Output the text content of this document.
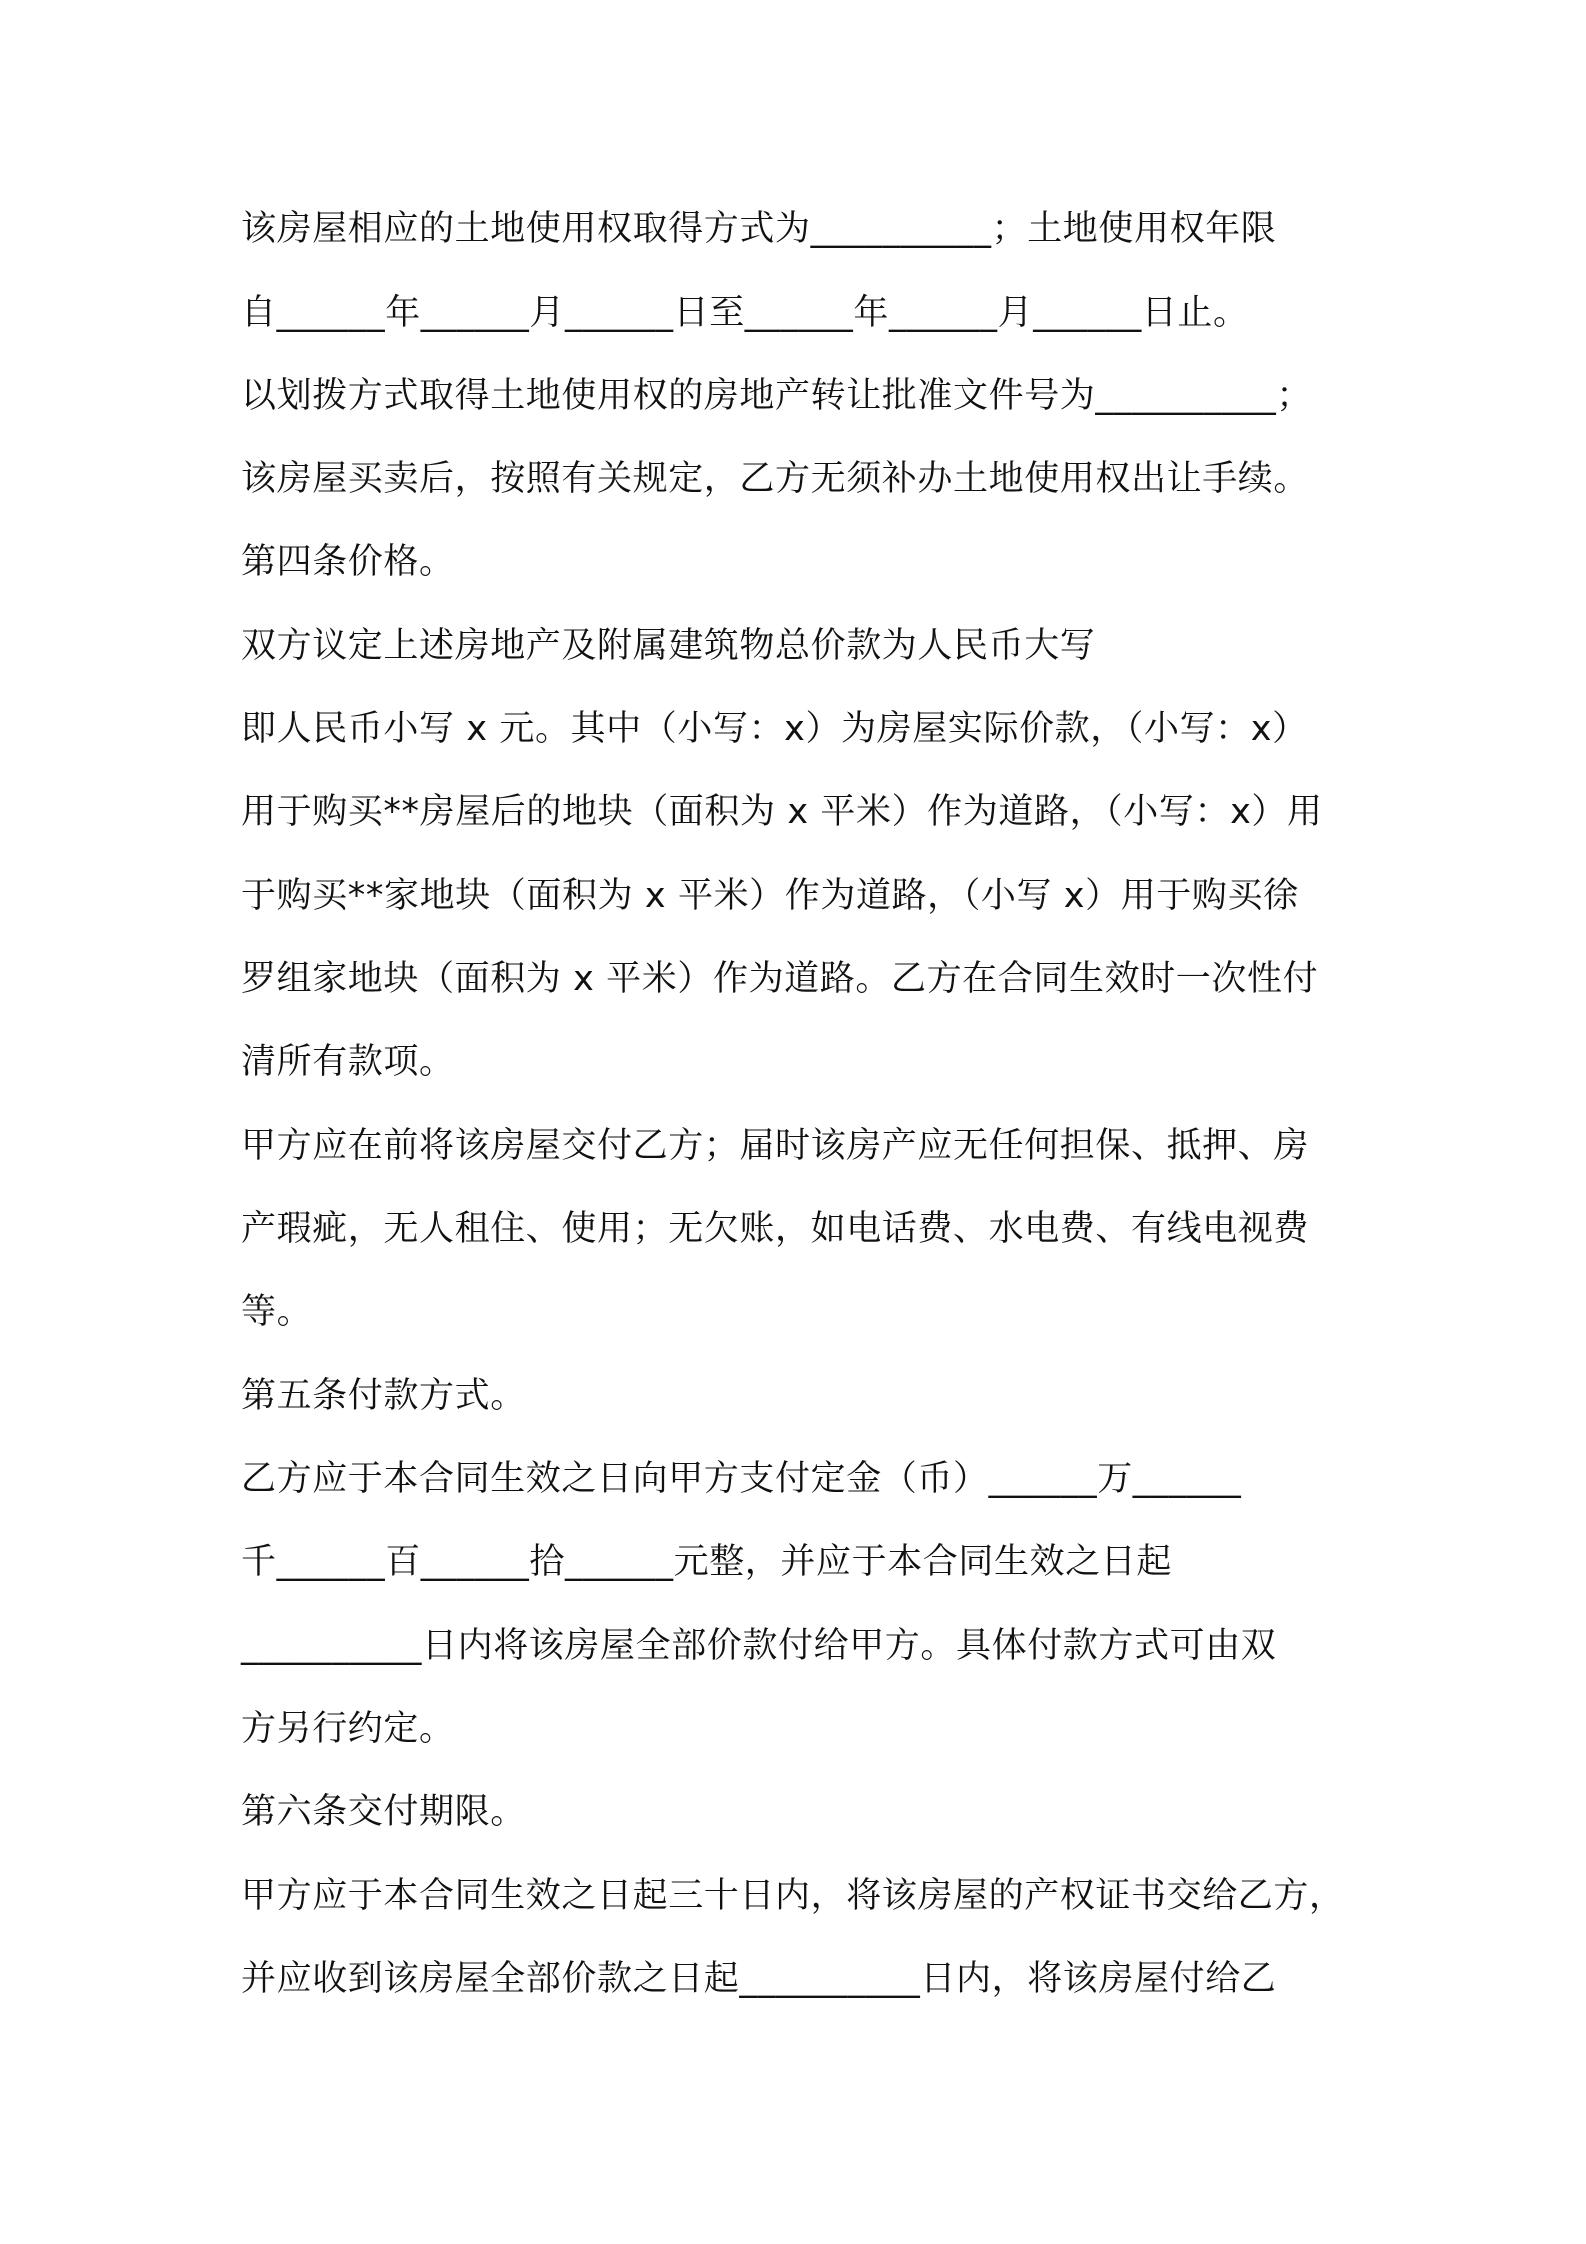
该房屋相应的土地使用权取得方式为__________；土地使用权年限
自______年______月______日至______年______月______日止。
以划拨方式取得土地使用权的房地产转让批准文件号为__________；
该房屋买卖后，按照有关规定，乙方无须补办土地使用权出让手续。
第四条价格。
双方议定上述房地产及附属建筑物总价款为人民币大写
即人民币小写 x 元。其中（小写：x）为房屋实际价款，（小写：x）
用于购买**房屋后的地块（面积为 x 平米）作为道路，（小写：x）用
于购买**家地块（面积为 x 平米）作为道路，（小写 x）用于购买徐
罗组家地块（面积为 x 平米）作为道路。乙方在合同生效时一次性付
清所有款项。
甲方应在前将该房屋交付乙方；届时该房产应无任何担保、抵押、房
产瑕疵，无人租住、使用；无欠账，如电话费、水电费、有线电视费
等。
第五条付款方式。
乙方应于本合同生效之日向甲方支付定金（币）______万______
千______百______拾______元整，并应于本合同生效之日起
__________日内将该房屋全部价款付给甲方。具体付款方式可由双
方另行约定。
第六条交付期限。
甲方应于本合同生效之日起三十日内，将该房屋的产权证书交给乙方，
并应收到该房屋全部价款之日起__________日内，将该房屋付给乙
